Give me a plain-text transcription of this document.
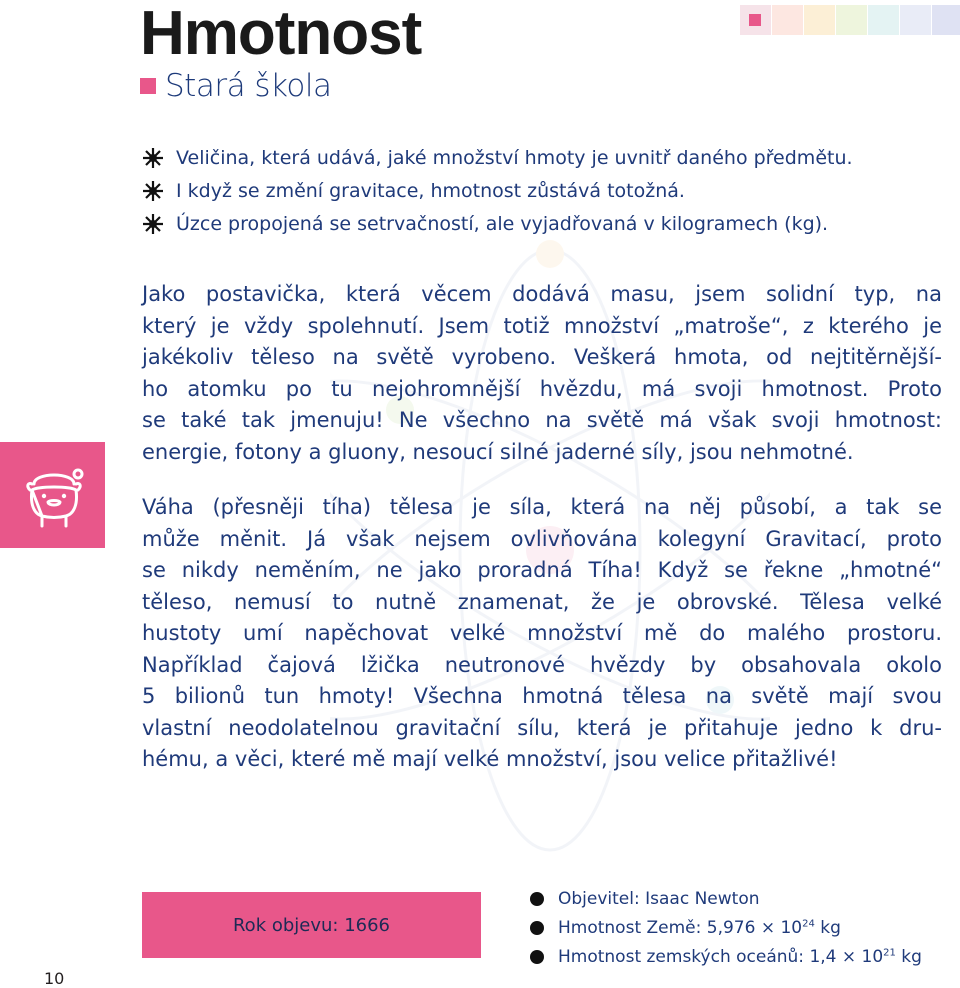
Hmotnost
Stará škola
Veličina, která udává, jaké množství hmoty je uvnitř daného předmětu.
I když se změní gravitace, hmotnost zůstává totožná.
Úzce propojená se setrvačností, ale vyjadřovaná v kilogramech (kg).
Jako postavička, která věcem dodává masu, jsem solidní typ, na
který je vždy spolehnutí. Jsem totiž množství „matroše“, z kterého je
jakékoliv těleso na světě vyrobeno. Veškerá hmota, od nejtitěrnější-
ho atomku po tu nejohromnější hvězdu, má svoji hmotnost. Proto
se také tak jmenuju! Ne všechno na světě má však svoji hmotnost:
energie, fotony a gluony, nesoucí silné jaderné síly, jsou nehmotné.
Váha (přesněji tíha) tělesa je síla, která na něj působí, a tak se
může měnit. Já však nejsem ovlivňována kolegyní Gravitací, proto
se nikdy neměním, ne jako proradná Tíha! Když se řekne „hmotné“
těleso, nemusí to nutně znamenat, že je obrovské. Tělesa velké
hustoty umí napěchovat velké množství mě do malého prostoru.
Například čajová lžička neutronové hvězdy by obsahovala okolo
5 bilionů tun hmoty! Všechna hmotná tělesa na světě mají svou
vlastní neodolatelnou gravitační sílu, která je přitahuje jedno k dru-
hému, a věci, které mě mají velké množství, jsou velice přitažlivé!
Rok objevu: 1666
Objevitel: Isaac Newton
Hmotnost Země: $5,976 \times 10^{24}$ kg
Hmotnost zemských oceánů: $1,4 \times 10^{21}$ kg
10
